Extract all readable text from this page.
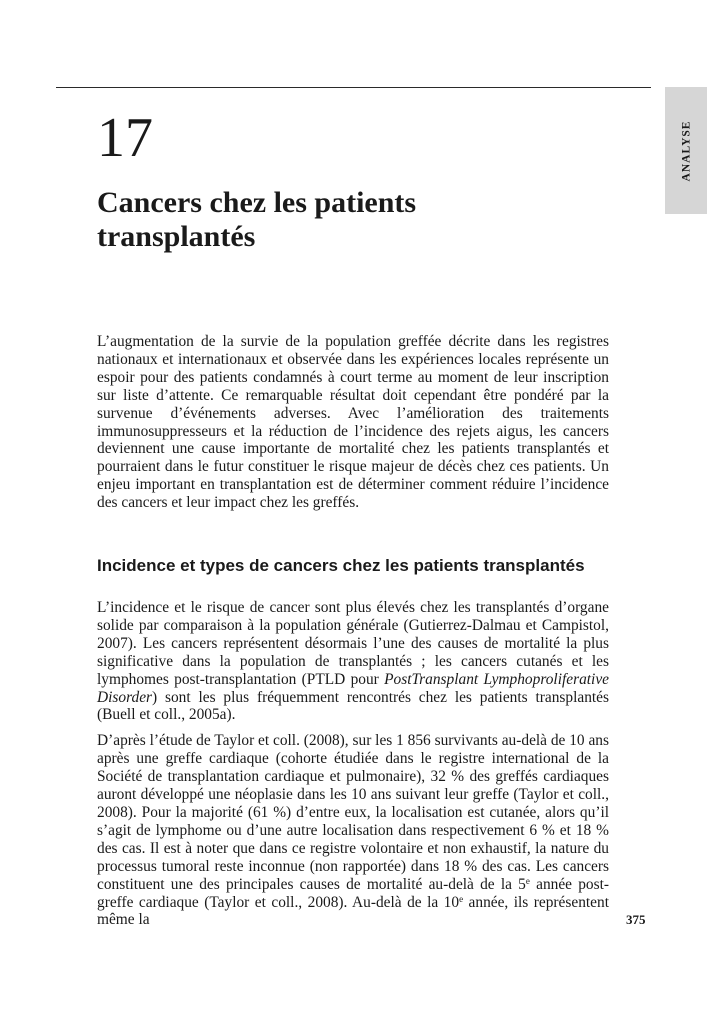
ANALYSE
17
Cancers chez les patients transplantés

L’augmentation de la survie de la population greffée décrite dans les registres nationaux et internationaux et observée dans les expériences locales représente un espoir pour des patients condamnés à court terme au moment de leur inscription sur liste d’attente. Ce remarquable résultat doit cependant être pondéré par la survenue d’événements adverses. Avec l’amélioration des traitements immunosuppresseurs et la réduction de l’incidence des rejets aigus, les cancers deviennent une cause importante de mortalité chez les patients transplantés et pourraient dans le futur constituer le risque majeur de décès chez ces patients. Un enjeu important en transplantation est de déterminer comment réduire l’incidence des cancers et leur impact chez les greffés.

Incidence et types de cancers chez les patients transplantés

L’incidence et le risque de cancer sont plus élevés chez les transplantés d’organe solide par comparaison à la population générale (Gutierrez-Dalmau et Campistol, 2007). Les cancers représentent désormais l’une des causes de mortalité la plus significative dans la population de transplantés ; les cancers cutanés et les lymphomes post-transplantation (PTLD pour PostTransplant Lymphoproliferative Disorder) sont les plus fréquemment rencontrés chez les patients transplantés (Buell et coll., 2005a).

D’après l’étude de Taylor et coll. (2008), sur les 1 856 survivants au-delà de 10 ans après une greffe cardiaque (cohorte étudiée dans le registre international de la Société de transplantation cardiaque et pulmonaire), 32 % des greffés cardiaques auront développé une néoplasie dans les 10 ans suivant leur greffe (Taylor et coll., 2008). Pour la majorité (61 %) d’entre eux, la localisation est cutanée, alors qu’il s’agit de lymphome ou d’une autre localisation dans respectivement 6 % et 18 % des cas. Il est à noter que dans ce registre volontaire et non exhaustif, la nature du processus tumoral reste inconnue (non rapportée) dans 18 % des cas. Les cancers constituent une des principales causes de mortalité au-delà de la 5e année post-greffe cardiaque (Taylor et coll., 2008). Au-delà de la 10e année, ils représentent même la	375
